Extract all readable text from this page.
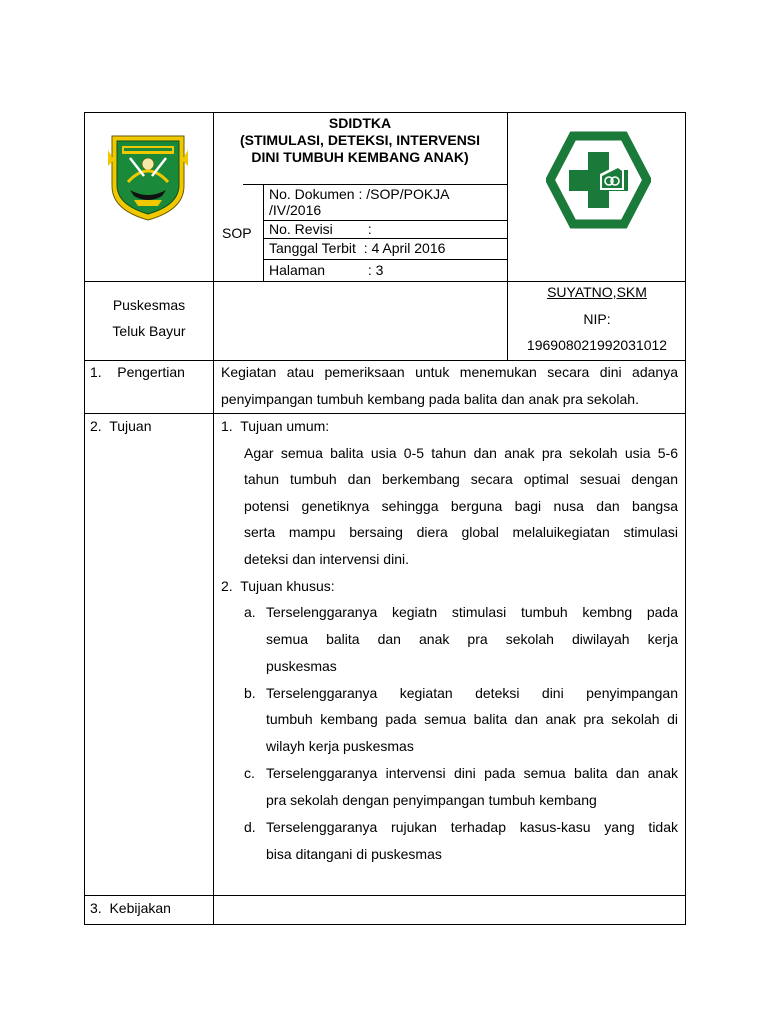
SDIDTKA
(STIMULASI, DETEKSI, INTERVENSI
DINI TUMBUH KEMBANG ANAK)
SOP
No. Dokumen : /SOP/POKJA
/IV/2016
No. Revisi         :
Tanggal Terbit  : 4 April 2016
Halaman           : 3
Puskesmas
Teluk Bayur
SUYATNO,SKM
NIP:
196908021992031012
1.    Pengertian	Kegiatan atau pemeriksaan untuk menemukan secara dini adanya
penyimpangan tumbuh kembang pada balita dan anak pra sekolah.
2.  Tujuan	1.  Tujuan umum:
Agar semua balita usia 0-5 tahun dan anak pra sekolah usia 5-6
tahun tumbuh dan berkembang secara optimal sesuai dengan
potensi genetiknya sehingga berguna bagi nusa dan bangsa
serta mampu bersaing diera global melaluikegiatan stimulasi
deteksi dan intervensi dini.
2.  Tujuan khusus:
a. Terselenggaranya kegiatn stimulasi tumbuh kembng pada
semua balita dan anak pra sekolah diwilayah kerja
puskesmas
b. Terselenggaranya kegiatan deteksi dini penyimpangan
tumbuh kembang pada semua balita dan anak pra sekolah di
wilayh kerja puskesmas
c. Terselenggaranya intervensi dini pada semua balita dan anak
pra sekolah dengan penyimpangan tumbuh kembang
d. Terselenggaranya rujukan terhadap kasus-kasu yang tidak
bisa ditangani di puskesmas
3.  Kebijakan
